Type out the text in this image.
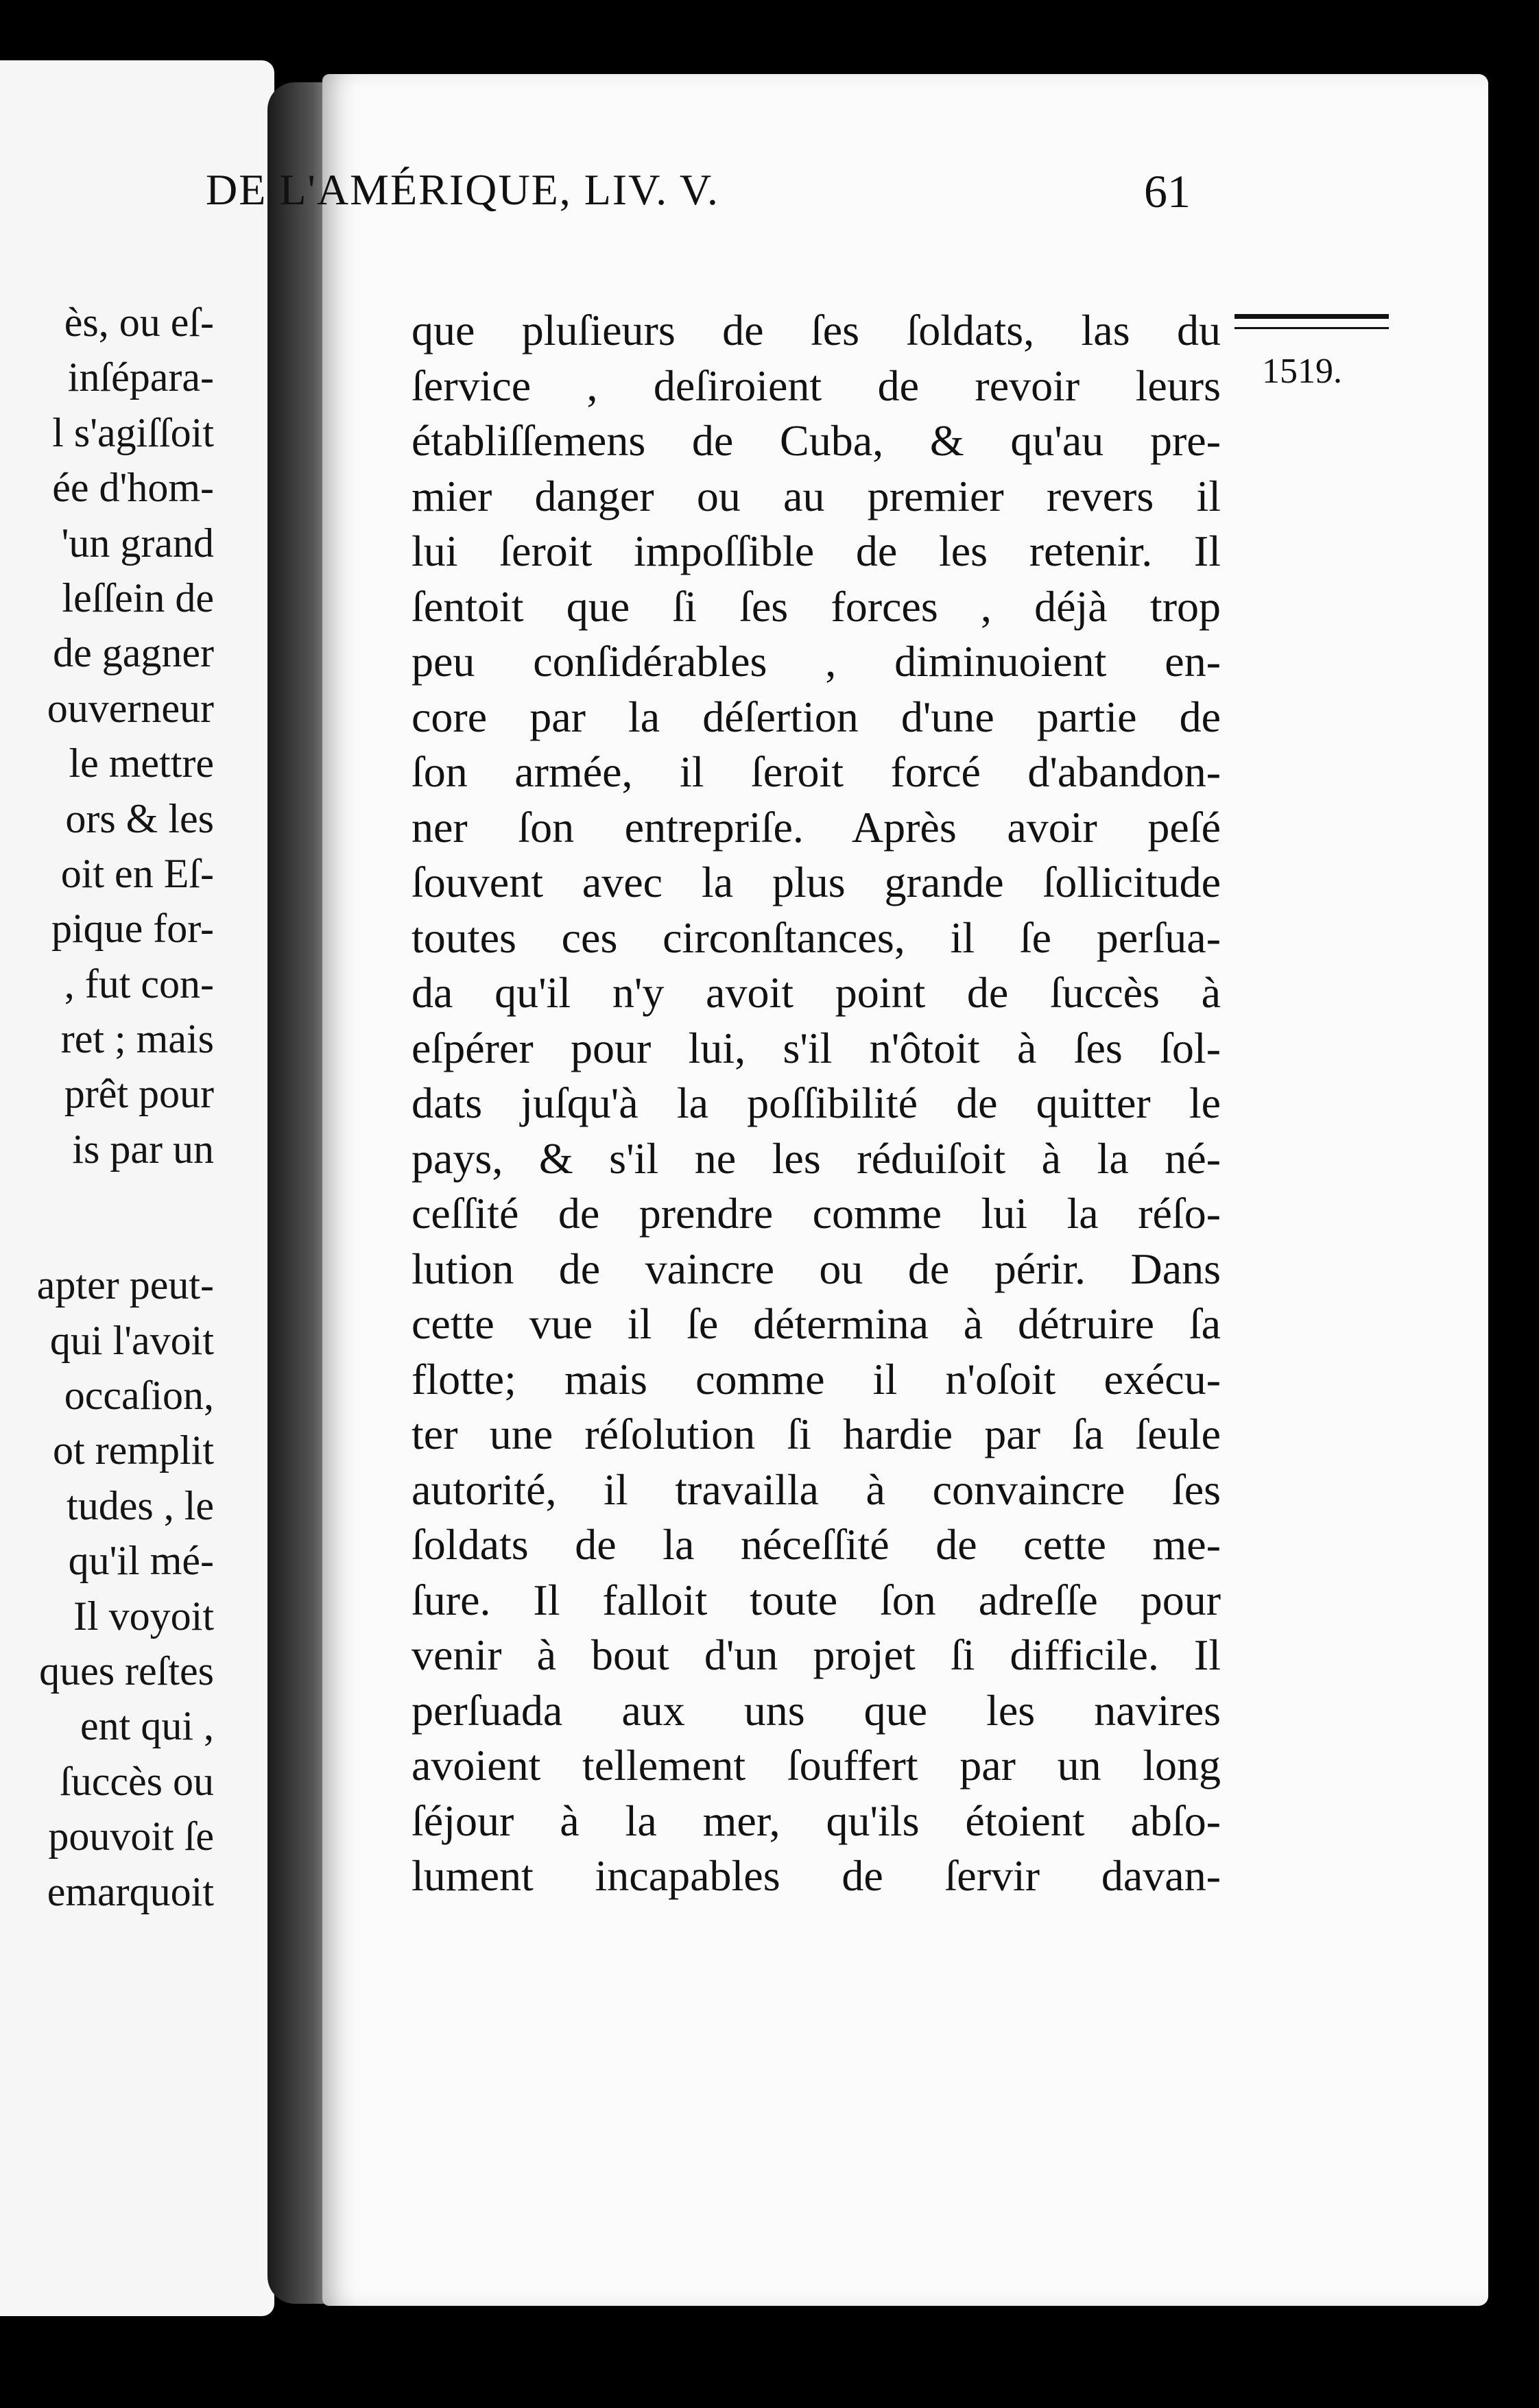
ès, ou eſ-
inſépara-
l s'agiſſoit
ée d'hom-
'un grand
leſſein de
de gagner
ouverneur
le mettre
ors & les
oit en Eſ-
pique for-
, fut con-
ret ; mais
prêt pour
is par un
apter peut-
qui l'avoit
occaſion,
ot remplit
tudes , le
qu'il mé-
Il voyoit
ques reſtes
ent qui ,
ſuccès ou
pouvoit ſe
emarquoit
DE L'AMÉRIQUE, LIV. V.	61
1519.
que pluſieurs de ſes ſoldats, las du
ſervice , deſiroient de revoir leurs
établiſſemens de Cuba, & qu'au pre-
mier danger ou au premier revers il
lui ſeroit impoſſible de les retenir. Il
ſentoit que ſi ſes forces , déjà trop
peu conſidérables , diminuoient en-
core par la déſertion d'une partie de
ſon armée, il ſeroit forcé d'abandon-
ner ſon entrepriſe. Après avoir peſé
ſouvent avec la plus grande ſollicitude
toutes ces circonſtances, il ſe perſua-
da qu'il n'y avoit point de ſuccès à
eſpérer pour lui, s'il n'ôtoit à ſes ſol-
dats juſqu'à la poſſibilité de quitter le
pays, & s'il ne les réduiſoit à la né-
ceſſité de prendre comme lui la réſo-
lution de vaincre ou de périr. Dans
cette vue il ſe détermina à détruire ſa
flotte; mais comme il n'oſoit exécu-
ter une réſolution ſi hardie par ſa ſeule
autorité, il travailla à convaincre ſes
ſoldats de la néceſſité de cette me-
ſure. Il falloit toute ſon adreſſe pour
venir à bout d'un projet ſi difficile. Il
perſuada aux uns que les navires
avoient tellement ſouffert par un long
ſéjour à la mer, qu'ils étoient abſo-
lument incapables de ſervir davan-
